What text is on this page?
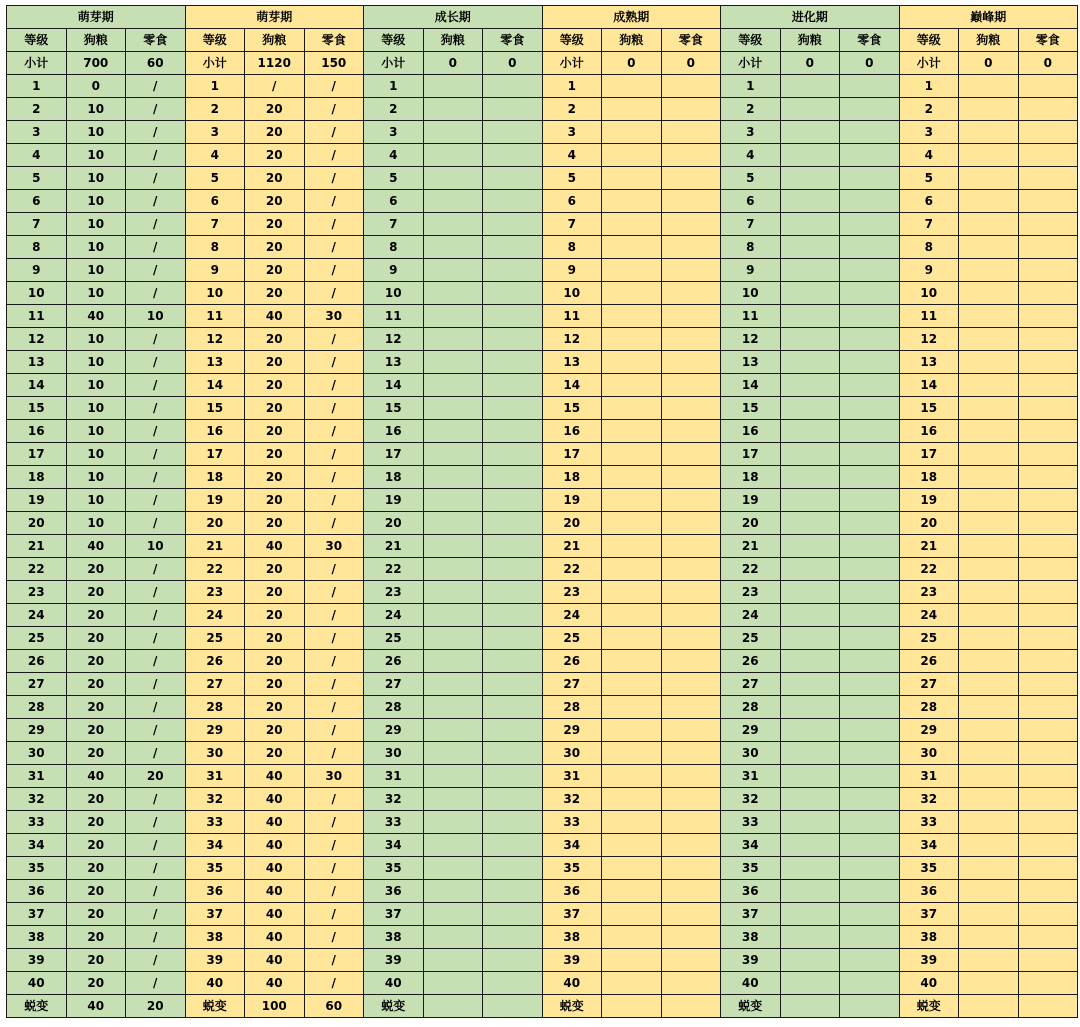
萌芽期			萌芽期			成长期			成熟期			进化期			巅峰期		
等级	狗粮	零食	等级	狗粮	零食	等级	狗粮	零食	等级	狗粮	零食	等级	狗粮	零食	等级	狗粮	零食
小计	700	60	小计	1120	150	小计	0	0	小计	0	0	小计	0	0	小计	0	0
1	0	/	1	/	/	1			1			1			1		
2	10	/	2	20	/	2			2			2			2		
3	10	/	3	20	/	3			3			3			3		
4	10	/	4	20	/	4			4			4			4		
5	10	/	5	20	/	5			5			5			5		
6	10	/	6	20	/	6			6			6			6		
7	10	/	7	20	/	7			7			7			7		
8	10	/	8	20	/	8			8			8			8		
9	10	/	9	20	/	9			9			9			9		
10	10	/	10	20	/	10			10			10			10		
11	40	10	11	40	30	11			11			11			11		
12	10	/	12	20	/	12			12			12			12		
13	10	/	13	20	/	13			13			13			13		
14	10	/	14	20	/	14			14			14			14		
15	10	/	15	20	/	15			15			15			15		
16	10	/	16	20	/	16			16			16			16		
17	10	/	17	20	/	17			17			17			17		
18	10	/	18	20	/	18			18			18			18		
19	10	/	19	20	/	19			19			19			19		
20	10	/	20	20	/	20			20			20			20		
21	40	10	21	40	30	21			21			21			21		
22	20	/	22	20	/	22			22			22			22		
23	20	/	23	20	/	23			23			23			23		
24	20	/	24	20	/	24			24			24			24		
25	20	/	25	20	/	25			25			25			25		
26	20	/	26	20	/	26			26			26			26		
27	20	/	27	20	/	27			27			27			27		
28	20	/	28	20	/	28			28			28			28		
29	20	/	29	20	/	29			29			29			29		
30	20	/	30	20	/	30			30			30			30		
31	40	20	31	40	30	31			31			31			31		
32	20	/	32	40	/	32			32			32			32		
33	20	/	33	40	/	33			33			33			33		
34	20	/	34	40	/	34			34			34			34		
35	20	/	35	40	/	35			35			35			35		
36	20	/	36	40	/	36			36			36			36		
37	20	/	37	40	/	37			37			37			37		
38	20	/	38	40	/	38			38			38			38		
39	20	/	39	40	/	39			39			39			39		
40	20	/	40	40	/	40			40			40			40		
蜕变	40	20	蜕变	100	60	蜕变			蜕变			蜕变			蜕变		
